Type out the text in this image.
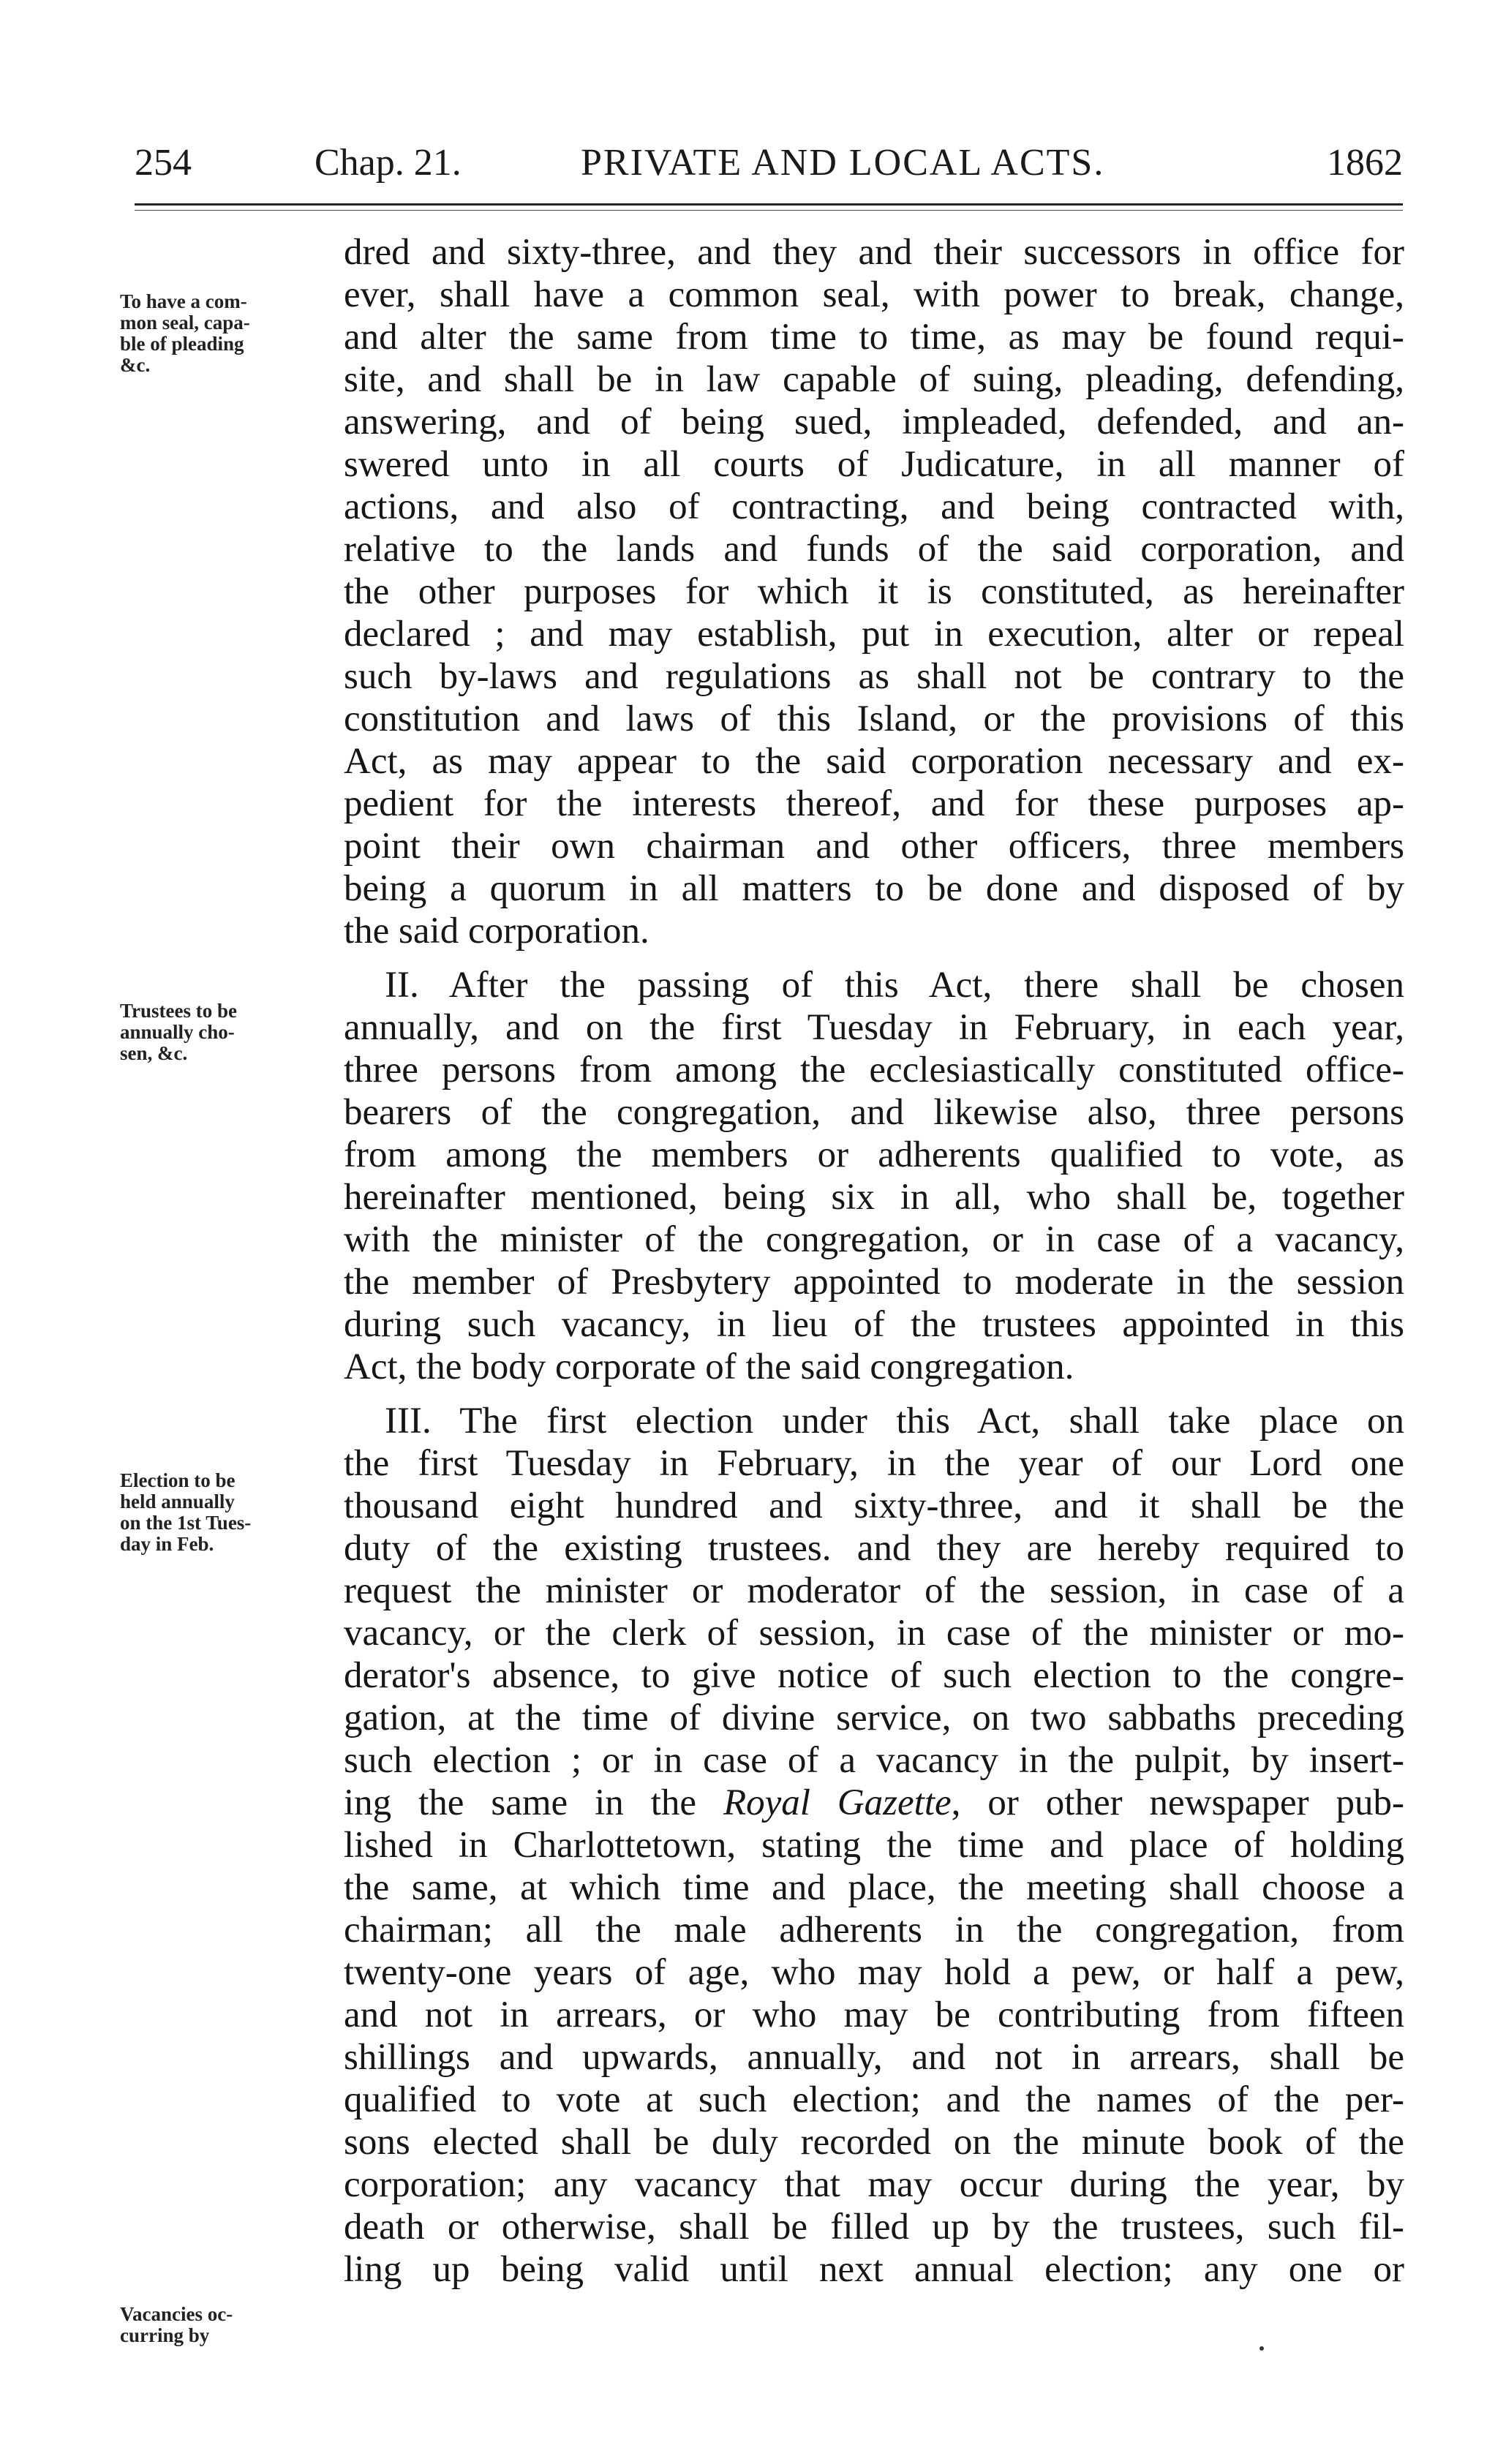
254	Chap. 21.	PRIVATE AND LOCAL ACTS.	1862
To have a com-
mon seal, capa-
ble of pleading
&c.
Trustees to be
annually cho-
sen, &c.
Election to be
held annually
on the 1st Tues-
day in Feb.
Vacancies oc-
curring by
dred and sixty-three, and they and their successors in office for
ever, shall have a common seal, with power to break, change,
and alter the same from time to time, as may be found requi-
site, and shall be in law capable of suing, pleading, defending,
answering, and of being sued, impleaded, defended, and an-
swered unto in all courts of Judicature, in all manner of
actions, and also of contracting, and being contracted with,
relative to the lands and funds of the said corporation, and
the other purposes for which it is constituted, as hereinafter
declared ; and may establish, put in execution, alter or repeal
such by-laws and regulations as shall not be contrary to the
constitution and laws of this Island, or the provisions of this
Act, as may appear to the said corporation necessary and ex-
pedient for the interests thereof, and for these purposes ap-
point their own chairman and other officers, three members
being a quorum in all matters to be done and disposed of by
the said corporation.
II. After the passing of this Act, there shall be chosen
annually, and on the first Tuesday in February, in each year,
three persons from among the ecclesiastically constituted office-
bearers of the congregation, and likewise also, three persons
from among the members or adherents qualified to vote, as
hereinafter mentioned, being six in all, who shall be, together
with the minister of the congregation, or in case of a vacancy,
the member of Presbytery appointed to moderate in the session
during such vacancy, in lieu of the trustees appointed in this
Act, the body corporate of the said congregation.
III. The first election under this Act, shall take place on
the first Tuesday in February, in the year of our Lord one
thousand eight hundred and sixty-three, and it shall be the
duty of the existing trustees. and they are hereby required to
request the minister or moderator of the session, in case of a
vacancy, or the clerk of session, in case of the minister or mo-
derator's absence, to give notice of such election to the congre-
gation, at the time of divine service, on two sabbaths preceding
such election ; or in case of a vacancy in the pulpit, by insert-
ing the same in the Royal Gazette, or other newspaper pub-
lished in Charlottetown, stating the time and place of holding
the same, at which time and place, the meeting shall choose a
chairman; all the male adherents in the congregation, from
twenty-one years of age, who may hold a pew, or half a pew,
and not in arrears, or who may be contributing from fifteen
shillings and upwards, annually, and not in arrears, shall be
qualified to vote at such election; and the names of the per-
sons elected shall be duly recorded on the minute book of the
corporation; any vacancy that may occur during the year, by
death or otherwise, shall be filled up by the trustees, such fil-
ling up being valid until next annual election; any one or
